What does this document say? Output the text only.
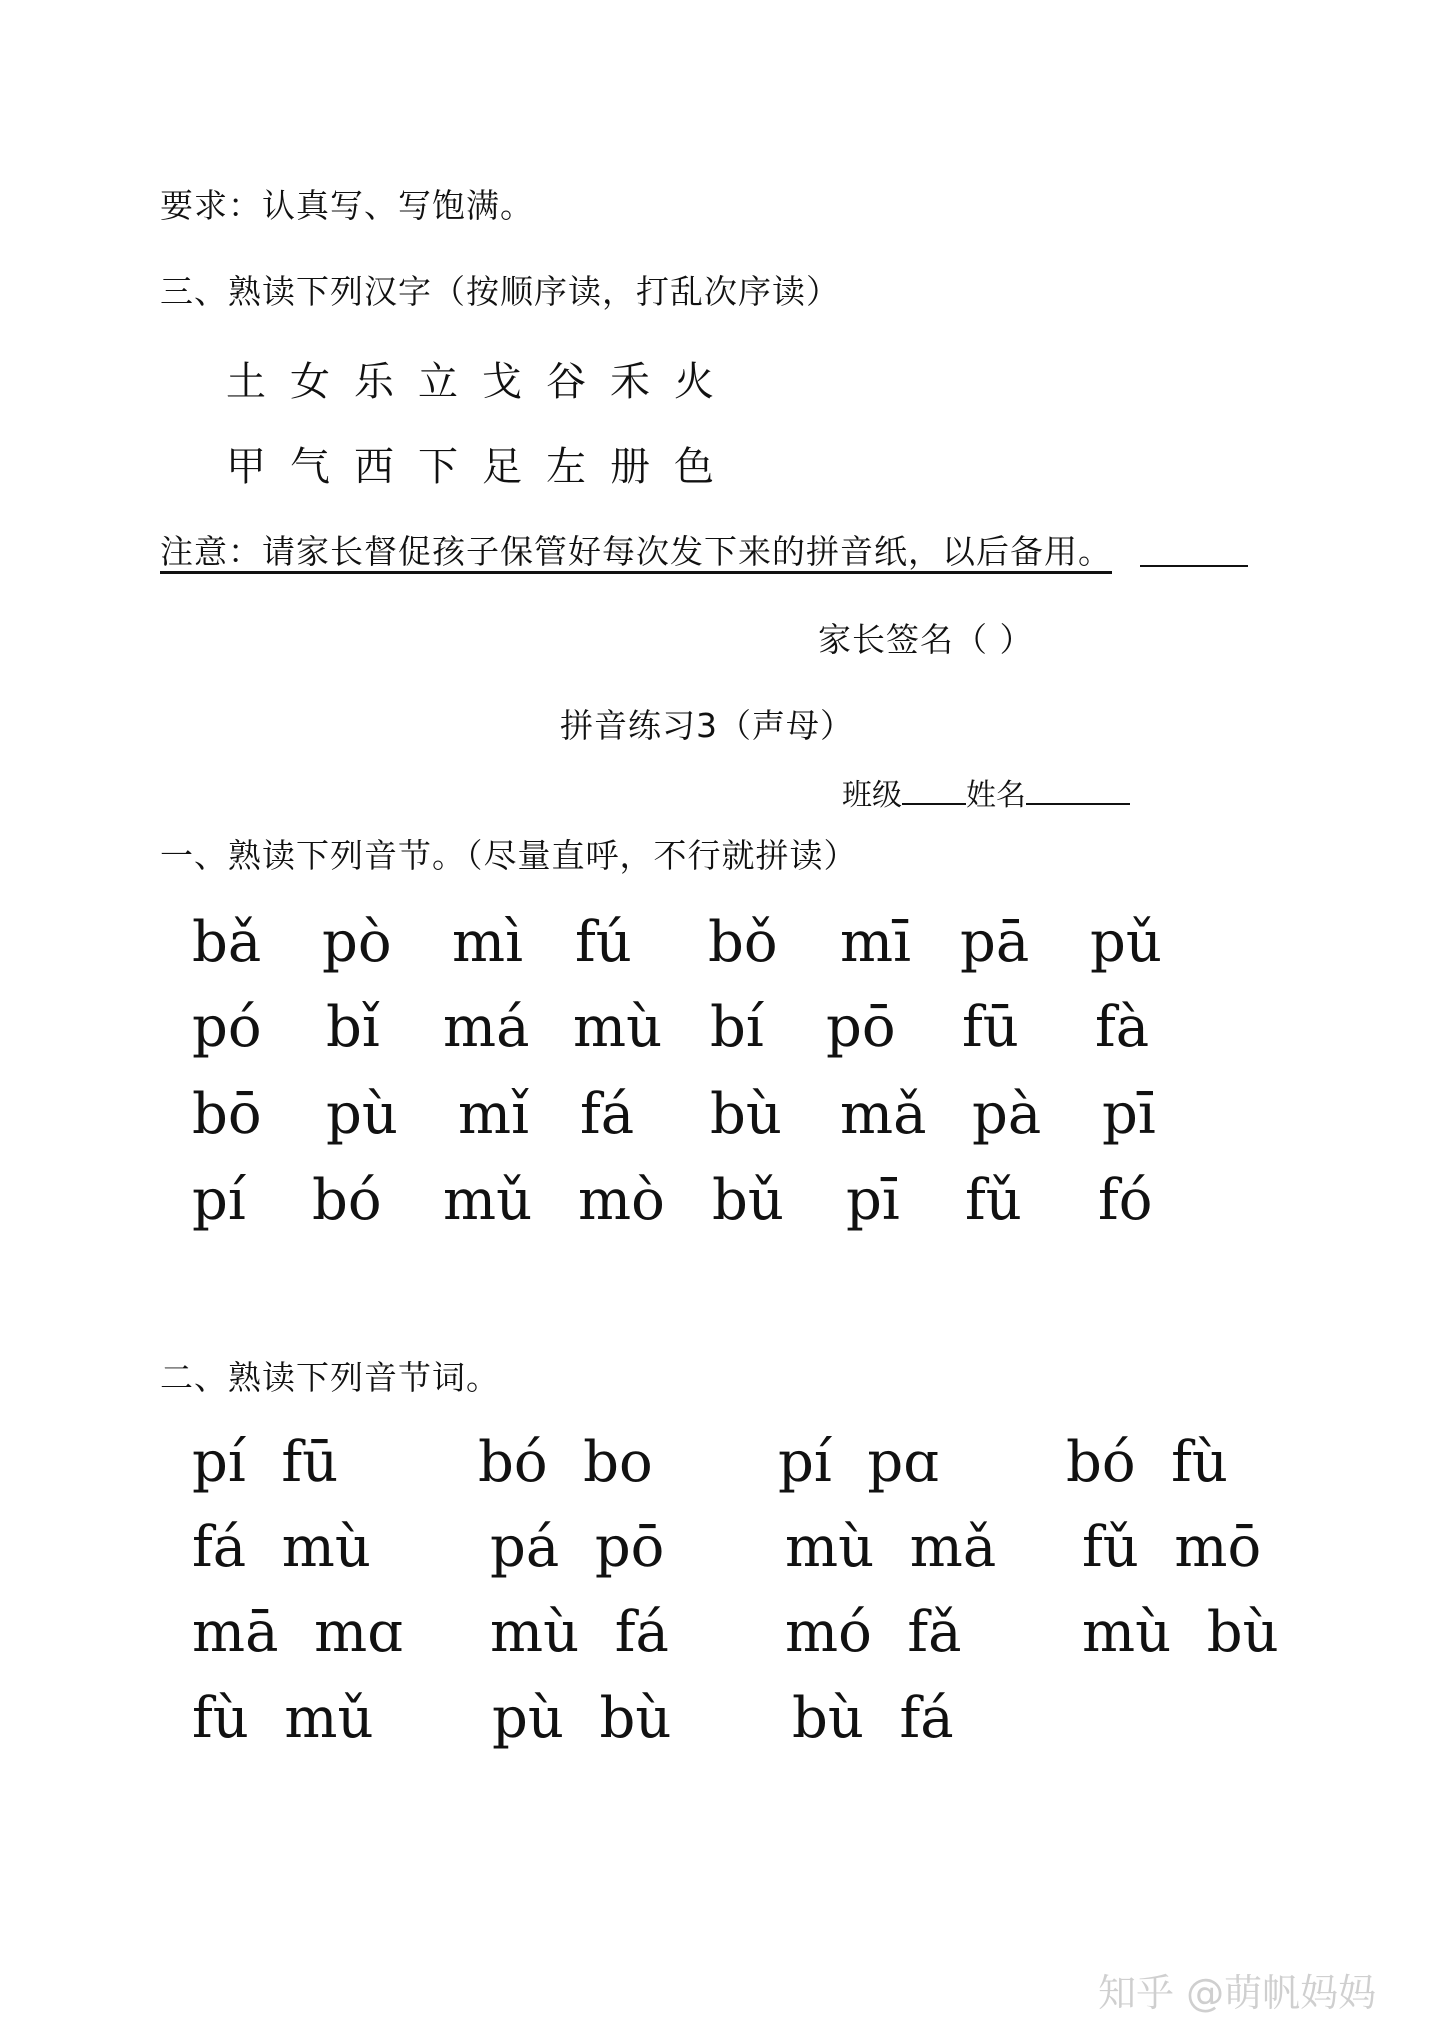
要求：认真写、写饱满。
三、熟读下列汉字（按顺序读，打乱次序读）
土 女 乐 立 戈 谷 禾 火
甲 气 西 下 足 左 册 色
注意：请家长督促孩子保管好每次发下来的拼音纸，以后备用。
家长签名（ ）
拼音练习3（声母）
班级 姓名
一、熟读下列音节。（尽量直呼，不行就拼读）
bǎ pò mì fú bǒ mī pā pǔ
pó bǐ má mù bí pō fū fà
bō pù mǐ fá bù mǎ pà pī
pí bó mǔ mò bǔ pī fǔ fó
二、熟读下列音节词。
pí  fū bó  bo pí  pɑ bó  fù
fá  mù pá  pō mù  mǎ fǔ  mō
mā  mɑ mù  fá mó  fǎ mù  bù
fù  mǔ pù  bù bù  fá
知乎 @萌帆妈妈
